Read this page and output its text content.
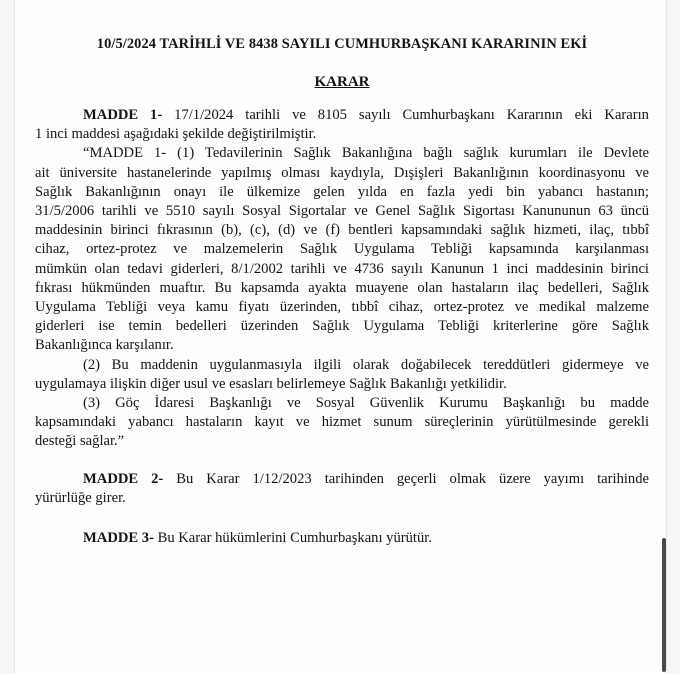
10/5/2024 TARİHLİ VE 8438 SAYILI CUMHURBAŞKANI KARARININ EKİ

KARAR

MADDE 1- 17/1/2024 tarihli ve 8105 sayılı Cumhurbaşkanı Kararının eki Kararın
1 inci maddesi aşağıdaki şekilde değiştirilmiştir.
“MADDE 1- (1) Tedavilerinin Sağlık Bakanlığına bağlı sağlık kurumları ile Devlete
ait üniversite hastanelerinde yapılmış olması kaydıyla, Dışişleri Bakanlığının koordinasyonu ve
Sağlık Bakanlığının onayı ile ülkemize gelen yılda en fazla yedi bin yabancı hastanın;
31/5/2006 tarihli ve 5510 sayılı Sosyal Sigortalar ve Genel Sağlık Sigortası Kanununun 63 üncü
maddesinin birinci fıkrasının (b), (c), (d) ve (f) bentleri kapsamındaki sağlık hizmeti, ilaç, tıbbî
cihaz, ortez-protez ve malzemelerin Sağlık Uygulama Tebliği kapsamında karşılanması
mümkün olan tedavi giderleri, 8/1/2002 tarihli ve 4736 sayılı Kanunun 1 inci maddesinin birinci
fıkrası hükmünden muaftır. Bu kapsamda ayakta muayene olan hastaların ilaç bedelleri, Sağlık
Uygulama Tebliği veya kamu fiyatı üzerinden, tıbbî cihaz, ortez-protez ve medikal malzeme
giderleri ise temin bedelleri üzerinden Sağlık Uygulama Tebliği kriterlerine göre Sağlık
Bakanlığınca karşılanır.
(2) Bu maddenin uygulanmasıyla ilgili olarak doğabilecek tereddütleri gidermeye ve
uygulamaya ilişkin diğer usul ve esasları belirlemeye Sağlık Bakanlığı yetkilidir.
(3) Göç İdaresi Başkanlığı ve Sosyal Güvenlik Kurumu Başkanlığı bu madde
kapsamındaki yabancı hastaların kayıt ve hizmet sunum süreçlerinin yürütülmesinde gerekli
desteği sağlar.”
MADDE 2- Bu Karar 1/12/2023 tarihinden geçerli olmak üzere yayımı tarihinde
yürürlüğe girer.
MADDE 3- Bu Karar hükümlerini Cumhurbaşkanı yürütür.
